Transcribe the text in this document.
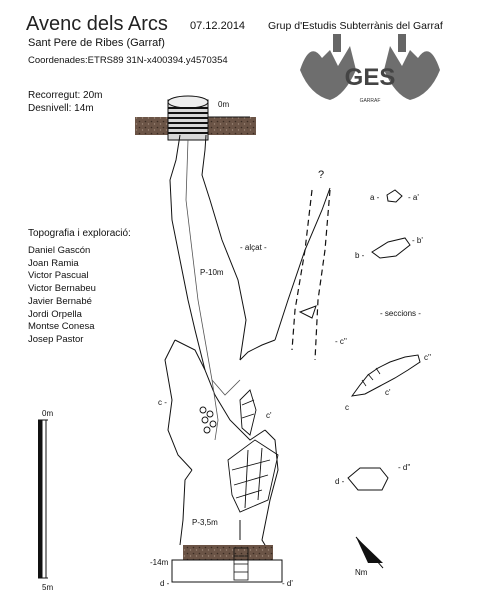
Avenc dels Arcs 07.12.2014 Grup d'Estudis Subterrànis del Garraf
Sant Pere de Ribes (Garraf)
Coordenades:ETRS89 31N-x400394.y4570354
Recorregut: 20m
Desnivell: 14m
Topografia i exploració:
Daniel Gascón
Joan Ramia
Victor Pascual
Victor Bernabeu
Javier Bernabé
Jordi Orpella
Montse Conesa
Josep Pastor
GES
GARRAF
0m
P-10m
P-3,5m
-14m
- alçat -
- seccions -
?
a -	- a'
b -
- b'
c
c'
c''
c -
c'
- c''
d -	- d'
d -
- d''
0m
5m
Nm
